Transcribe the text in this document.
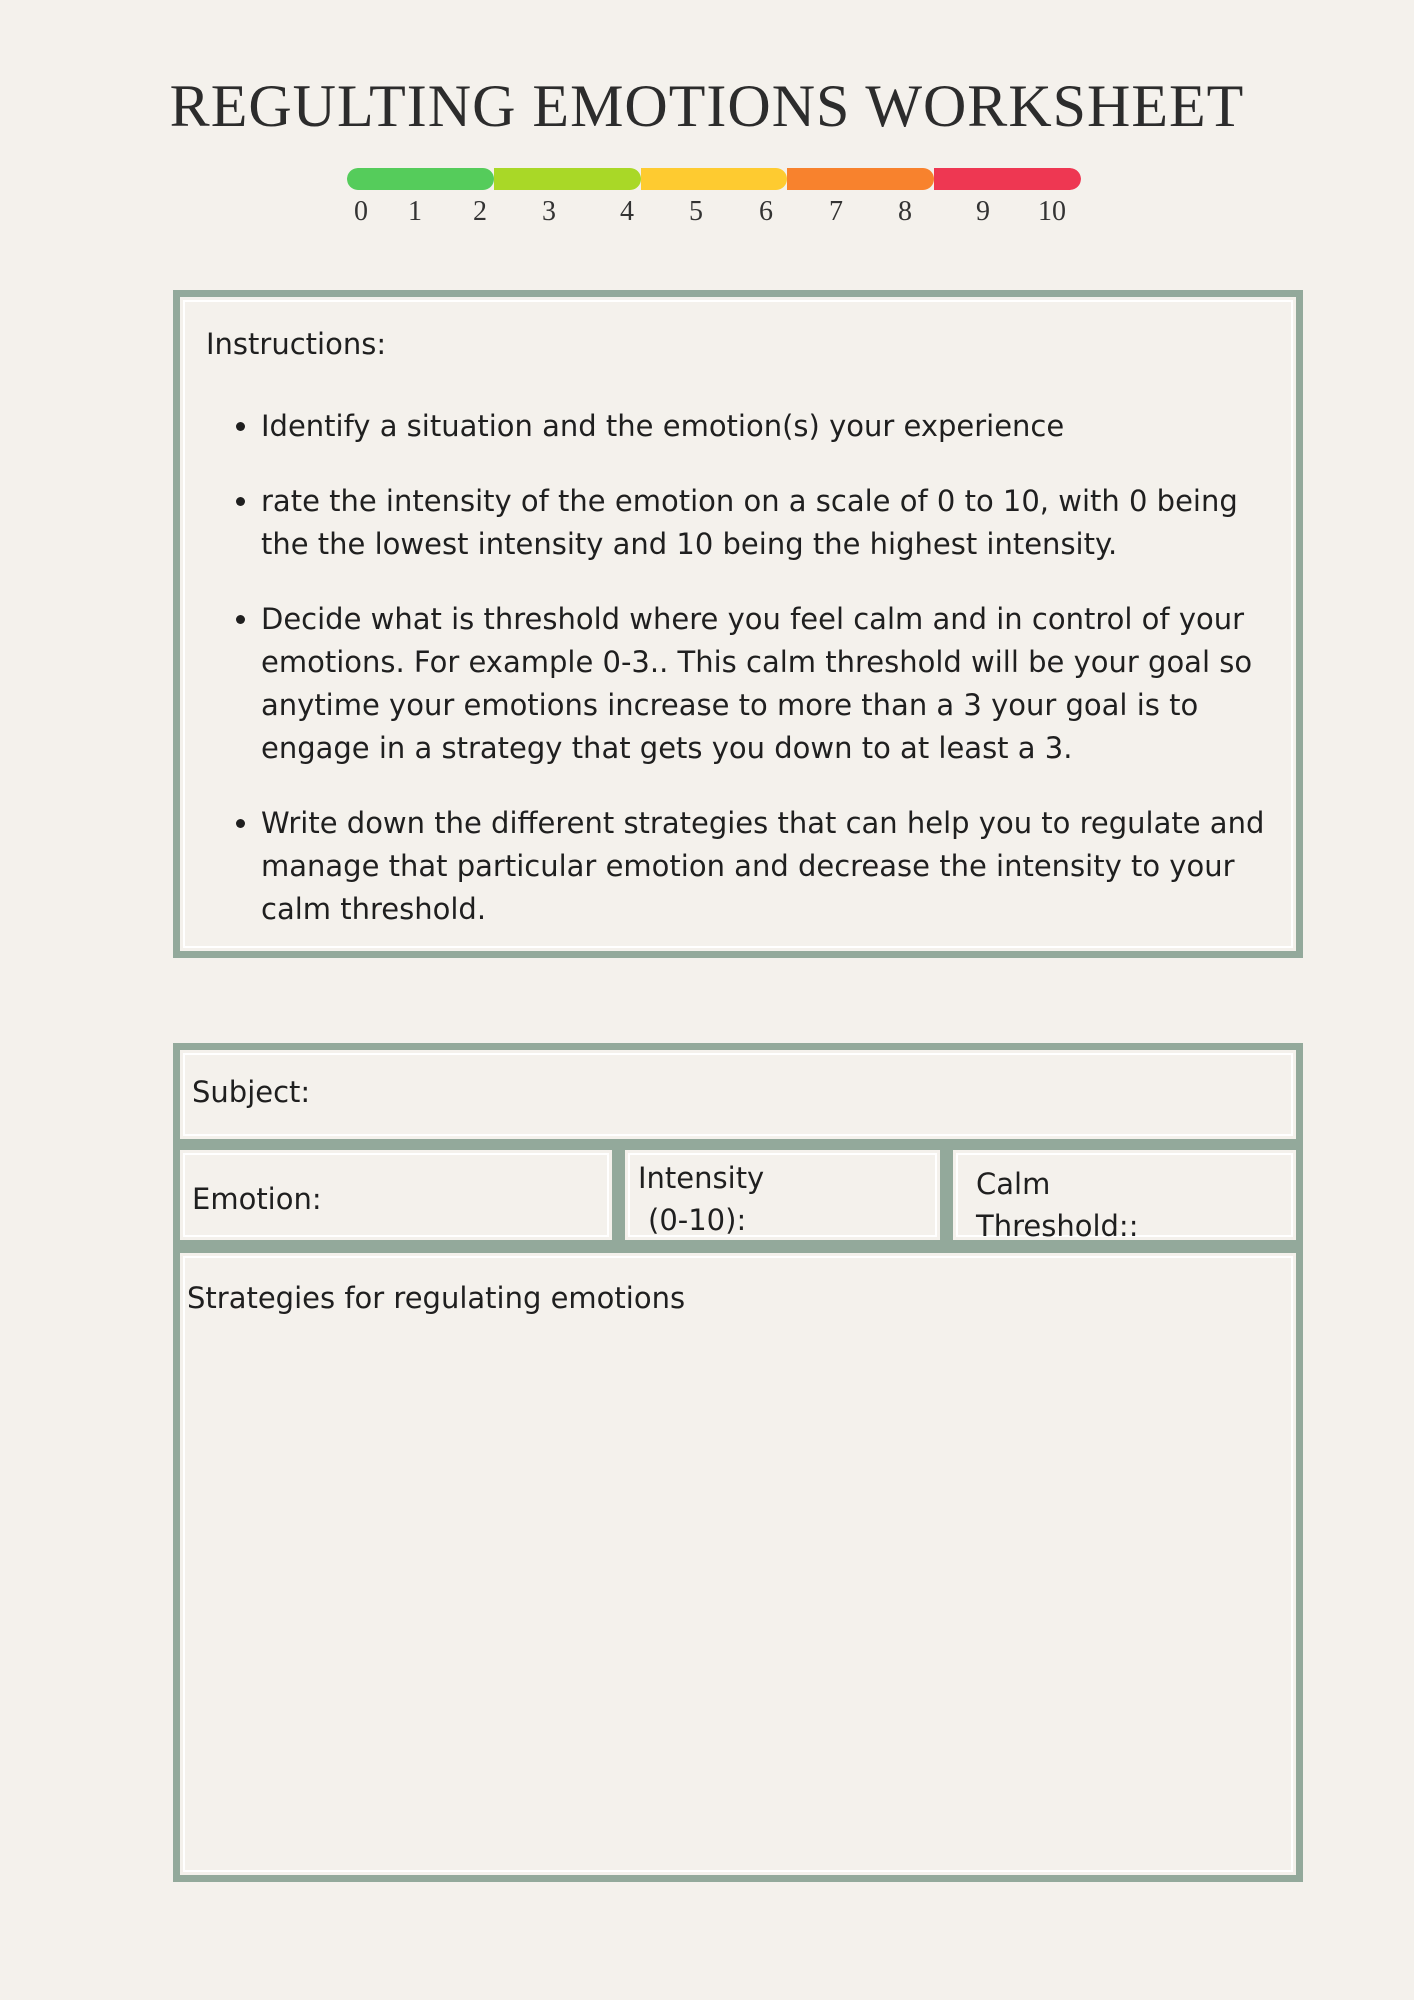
REGULTING EMOTIONS WORKSHEET
0 1 2 3 4 5 6 7 8 9 10

Instructions:

• Identify a situation and the emotion(s) your experience
• rate the intensity of the emotion on a scale of 0 to 10, with 0 being the the lowest intensity and 10 being the highest intensity.
• Decide what is threshold where you feel calm and in control of your emotions. For example 0-3.. This calm threshold will be your goal so anytime your emotions increase to more than a 3 your goal is to engage in a strategy that gets you down to at least a 3.
• Write down the different strategies that can help you to regulate and manage that particular emotion and decrease the intensity to your calm threshold.
Subject:
Emotion:
Intensity
(0-10):
Calm
Threshold::
Strategies for regulating emotions
